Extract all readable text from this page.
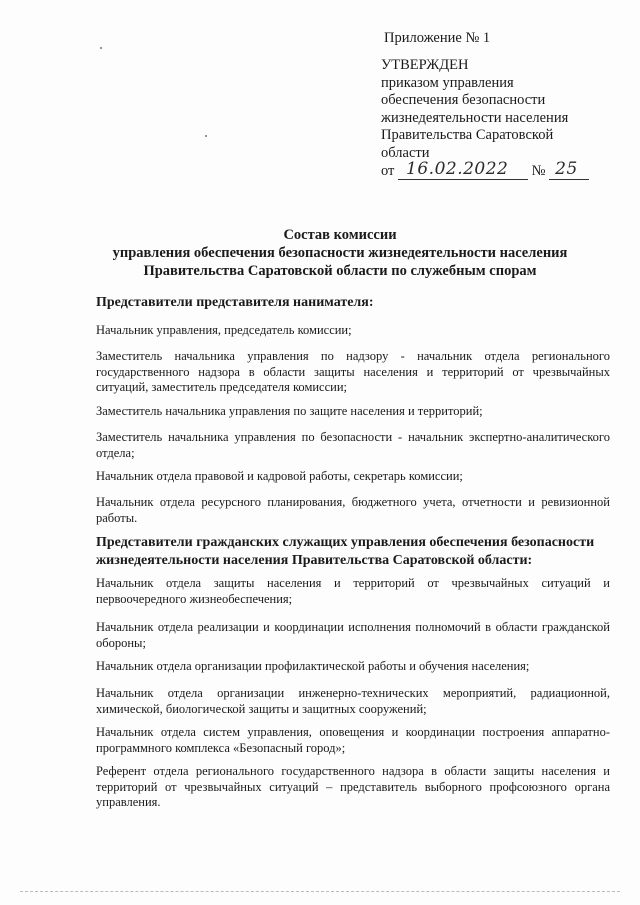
Приложение № 1
УТВЕРЖДЕН
приказом управления
обеспечения безопасности
жизнедеятельности населения
Правительства Саратовской
области
от 16.02.2022 № 25
Состав комиссии
управления обеспечения безопасности жизнедеятельности населения
Правительства Саратовской области по служебным спорам
Представители представителя нанимателя:
Начальник управления, председатель комиссии;
Заместитель начальника управления по надзору - начальник отдела регионального государственного надзора в области защиты населения и территорий от чрезвычайных ситуаций, заместитель председателя комиссии;
Заместитель начальника управления по защите населения и территорий;
Заместитель начальника управления по безопасности - начальник экспертно-аналитического отдела;
Начальник отдела правовой и кадровой работы, секретарь комиссии;
Начальник отдела ресурсного планирования, бюджетного учета, отчетности и ревизионной работы.
Представители гражданских служащих управления обеспечения безопасности жизнедеятельности населения Правительства Саратовской области:
Начальник отдела защиты населения и территорий от чрезвычайных ситуаций и первоочередного жизнеобеспечения;
Начальник отдела реализации и координации исполнения полномочий в области гражданской обороны;
Начальник отдела организации профилактической работы и обучения населения;
Начальник отдела организации инженерно-технических мероприятий, радиационной, химической, биологической защиты и защитных сооружений;
Начальник отдела систем управления, оповещения и координации построения аппаратно-программного комплекса «Безопасный город»;
Референт отдела регионального государственного надзора в области защиты населения и территорий от чрезвычайных ситуаций – представитель выборного профсоюзного органа управления.
